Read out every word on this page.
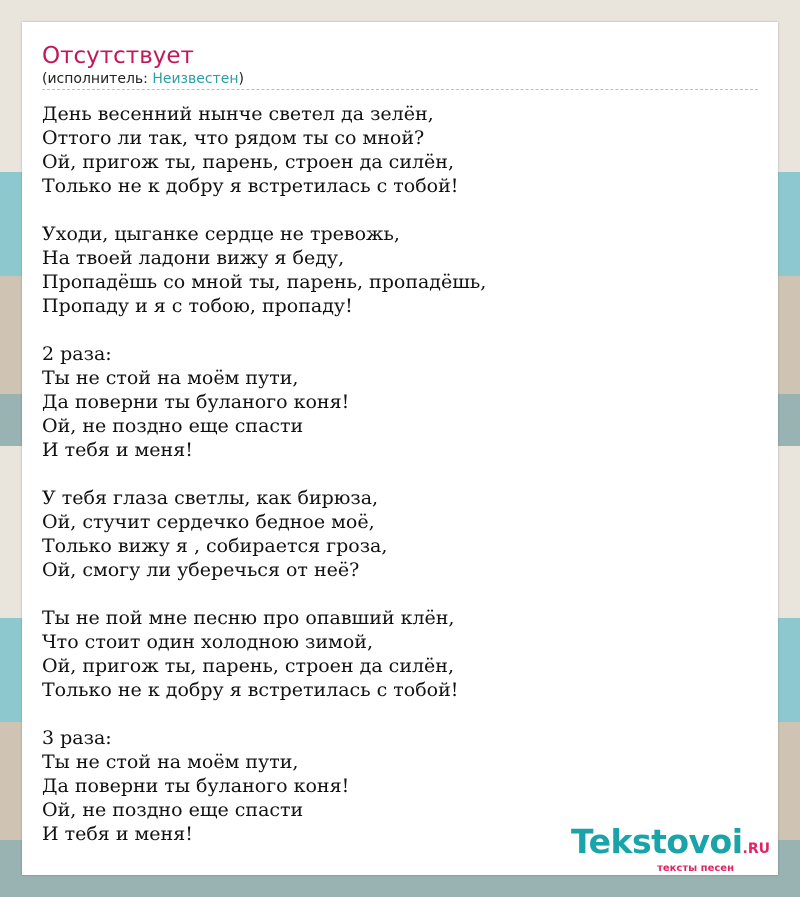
Отсутствует
(исполнитель: Неизвестен)
День весенний нынче светел да зелён,
Оттого ли так, что рядом ты со мной?
Ой, пригож ты, парень, строен да силён,
Только не к добру я встретилась с тобой!
Уходи, цыганке сердце не тревожь,
На твоей ладони вижу я беду,
Пропадёшь со мной ты, парень, пропадёшь,
Пропаду и я с тобою, пропаду!
2 раза:
Ты не стой на моём пути,
Да поверни ты буланого коня!
Ой, не поздно еще спасти
И тебя и меня!
У тебя глаза светлы, как бирюза,
Ой, стучит сердечко бедное моё,
Только вижу я , собирается гроза,
Ой, смогу ли уберечься от неё?
Ты не пой мне песню про опавший клён,
Что стоит один холодною зимой,
Ой, пригож ты, парень, строен да силён,
Только не к добру я встретилась с тобой!
3 раза:
Ты не стой на моём пути,
Да поверни ты буланого коня!
Ой, не поздно еще спасти
И тебя и меня!	Tekstovoi.RU
тексты песен
